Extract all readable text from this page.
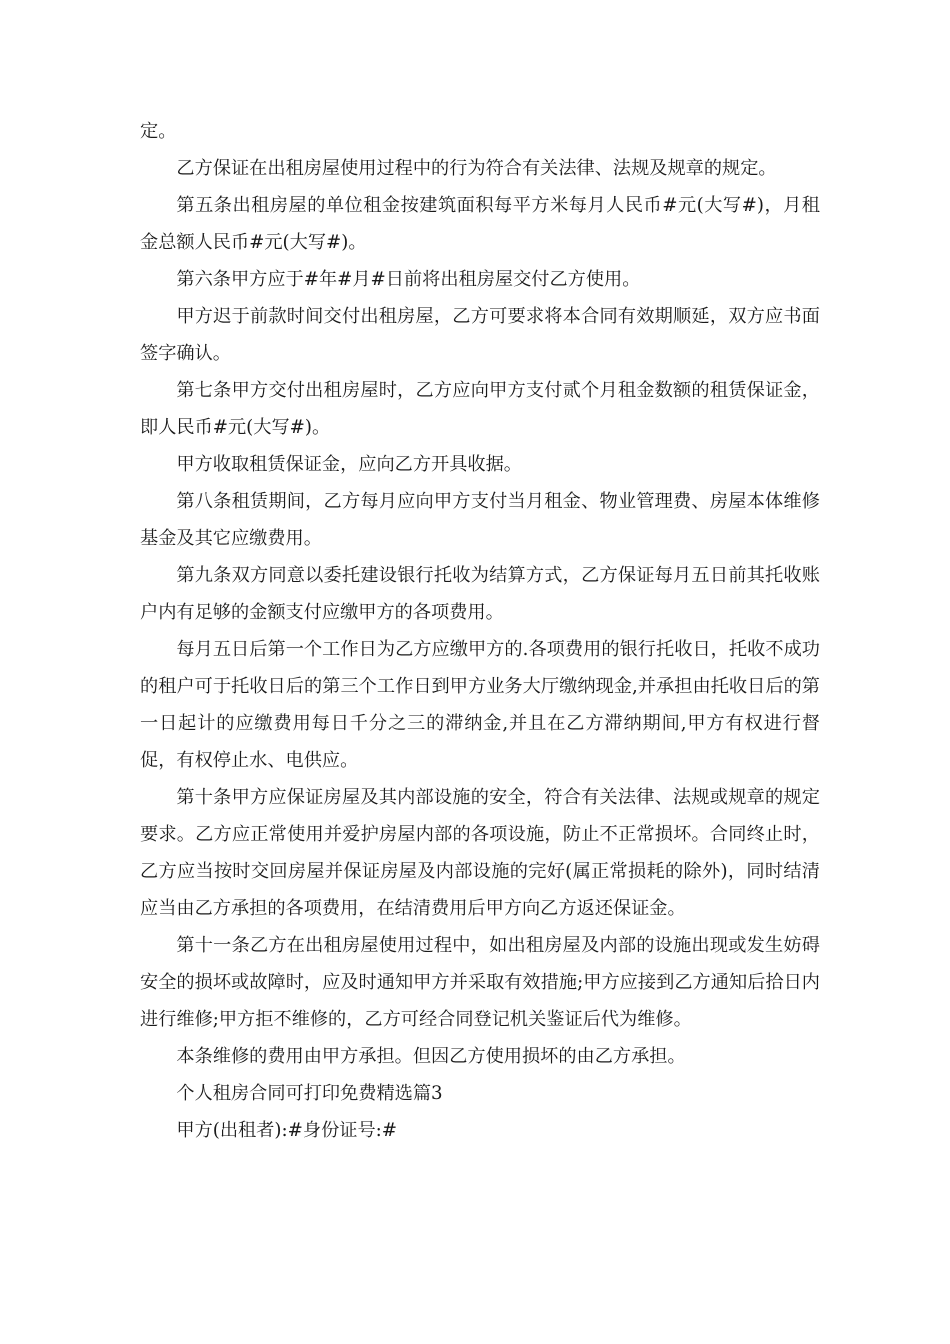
定。

乙方保证在出租房屋使用过程中的行为符合有关法律、法规及规章的规定。

第五条出租房屋的单位租金按建筑面积每平方米每月人民币#元(大写#)，月租金总额人民币#元(大写#)。

第六条甲方应于#年#月#日前将出租房屋交付乙方使用。

甲方迟于前款时间交付出租房屋，乙方可要求将本合同有效期顺延，双方应书面签字确认。

第七条甲方交付出租房屋时，乙方应向甲方支付贰个月租金数额的租赁保证金， 即人民币#元(大写#)。

甲方收取租赁保证金，应向乙方开具收据。

第八条租赁期间，乙方每月应向甲方支付当月租金、物业管理费、房屋本体维修基金及其它应缴费用。

第九条双方同意以委托建设银行托收为结算方式，乙方保证每月五日前其托收账户内有足够的金额支付应缴甲方的各项费用。

每月五日后第一个工作日为乙方应缴甲方的.各项费用的银行托收日，托收不成功的租户可于托收日后的第三个工作日到甲方业务大厅缴纳现金,并承担由托收日后的第一日起计的应缴费用每日千分之三的滞纳金,并且在乙方滞纳期间,甲方有权进行督促，有权停止水、电供应。

第十条甲方应保证房屋及其内部设施的安全，符合有关法律、法规或规章的规定要求。乙方应正常使用并爱护房屋内部的各项设施，防止不正常损坏。合同终止时，乙方应当按时交回房屋并保证房屋及内部设施的完好(属正常损耗的除外)，同时结清应当由乙方承担的各项费用，在结清费用后甲方向乙方返还保证金。

第十一条乙方在出租房屋使用过程中，如出租房屋及内部的设施出现或发生妨碍安全的损坏或故障时，应及时通知甲方并采取有效措施;甲方应接到乙方通知后拾日内进行维修;甲方拒不维修的，乙方可经合同登记机关鉴证后代为维修。

本条维修的费用由甲方承担。但因乙方使用损坏的由乙方承担。

个人租房合同可打印免费精选篇3

甲方(出租者):#身份证号:#
